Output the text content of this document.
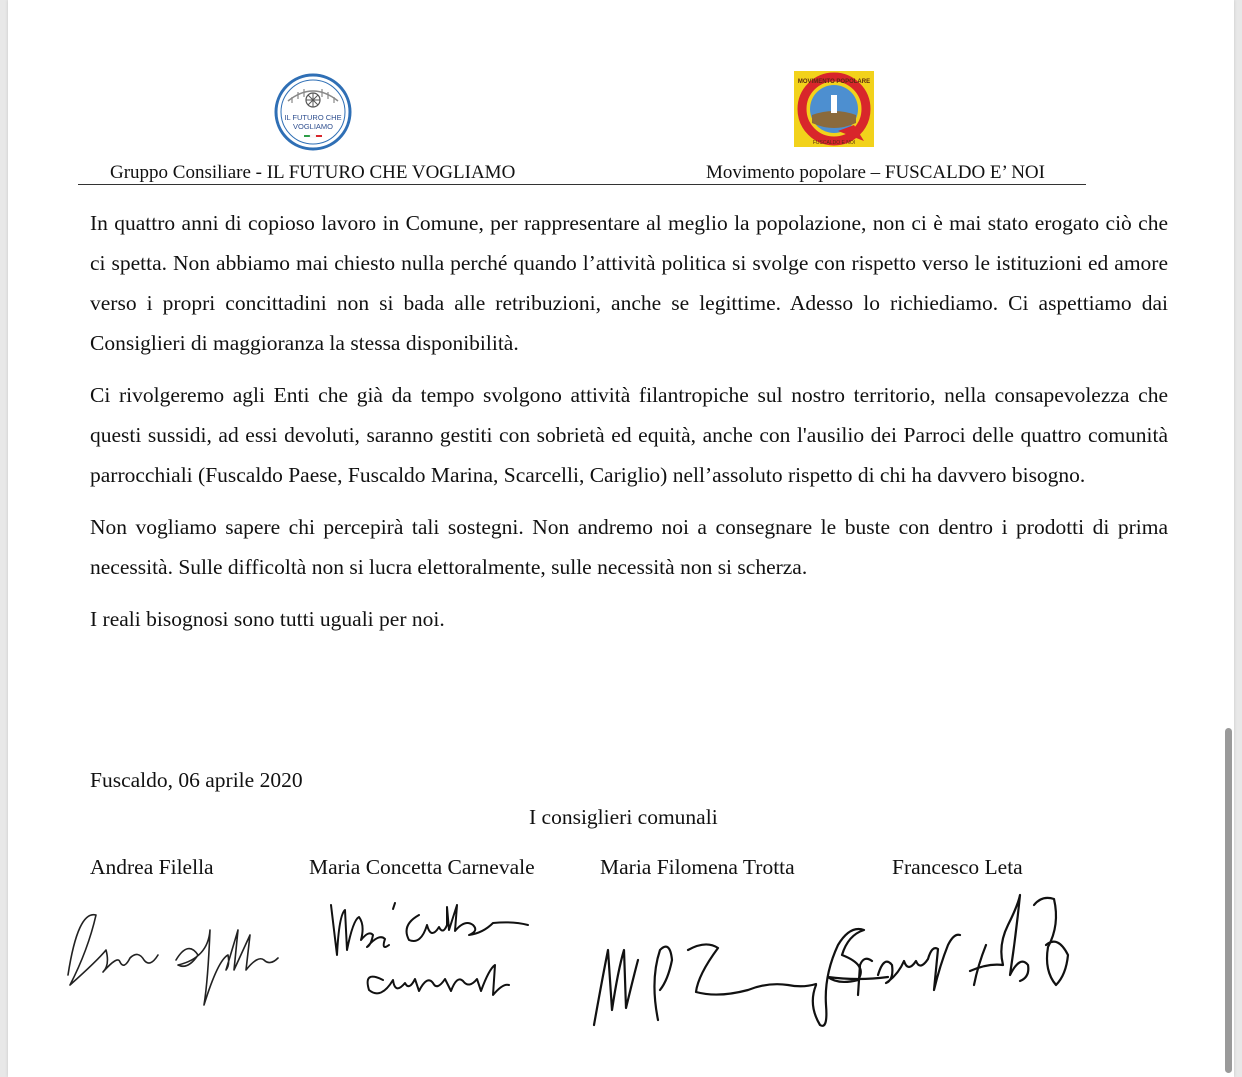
IL FUTURO CHE
VOGLIAMO
MOVIMENTO POPOLARE
FUSCALDO E NOI
Gruppo Consiliare - IL FUTURO CHE VOGLIAMO	Movimento popolare – FUSCALDO E’ NOI

In quattro anni di copioso lavoro in Comune, per rappresentare al meglio la popolazione, non ci è mai stato erogato ciò che ci spetta. Non abbiamo mai chiesto nulla perché quando l’attività politica si svolge con rispetto verso le istituzioni ed amore verso i propri concittadini non si bada alle retribuzioni, anche se legittime. Adesso lo richiediamo. Ci aspettiamo dai Consiglieri di maggioranza la stessa disponibilità.

Ci rivolgeremo agli Enti che già da tempo svolgono attività filantropiche sul nostro territorio, nella consapevolezza che questi sussidi, ad essi devoluti, saranno gestiti con sobrietà ed equità, anche con l'ausilio dei Parroci delle quattro comunità parrocchiali (Fuscaldo Paese, Fuscaldo Marina, Scarcelli, Cariglio) nell’assoluto rispetto di chi ha davvero bisogno.

Non vogliamo sapere chi percepirà tali sostegni. Non andremo noi a consegnare le buste con dentro i prodotti di prima necessità. Sulle difficoltà non si lucra elettoralmente, sulle necessità non si scherza.

I reali bisognosi sono tutti uguali per noi.

Fuscaldo, 06 aprile 2020
I consiglieri comunali
Andrea Filella	Maria Concetta Carnevale	Maria Filomena Trotta	Francesco Leta
